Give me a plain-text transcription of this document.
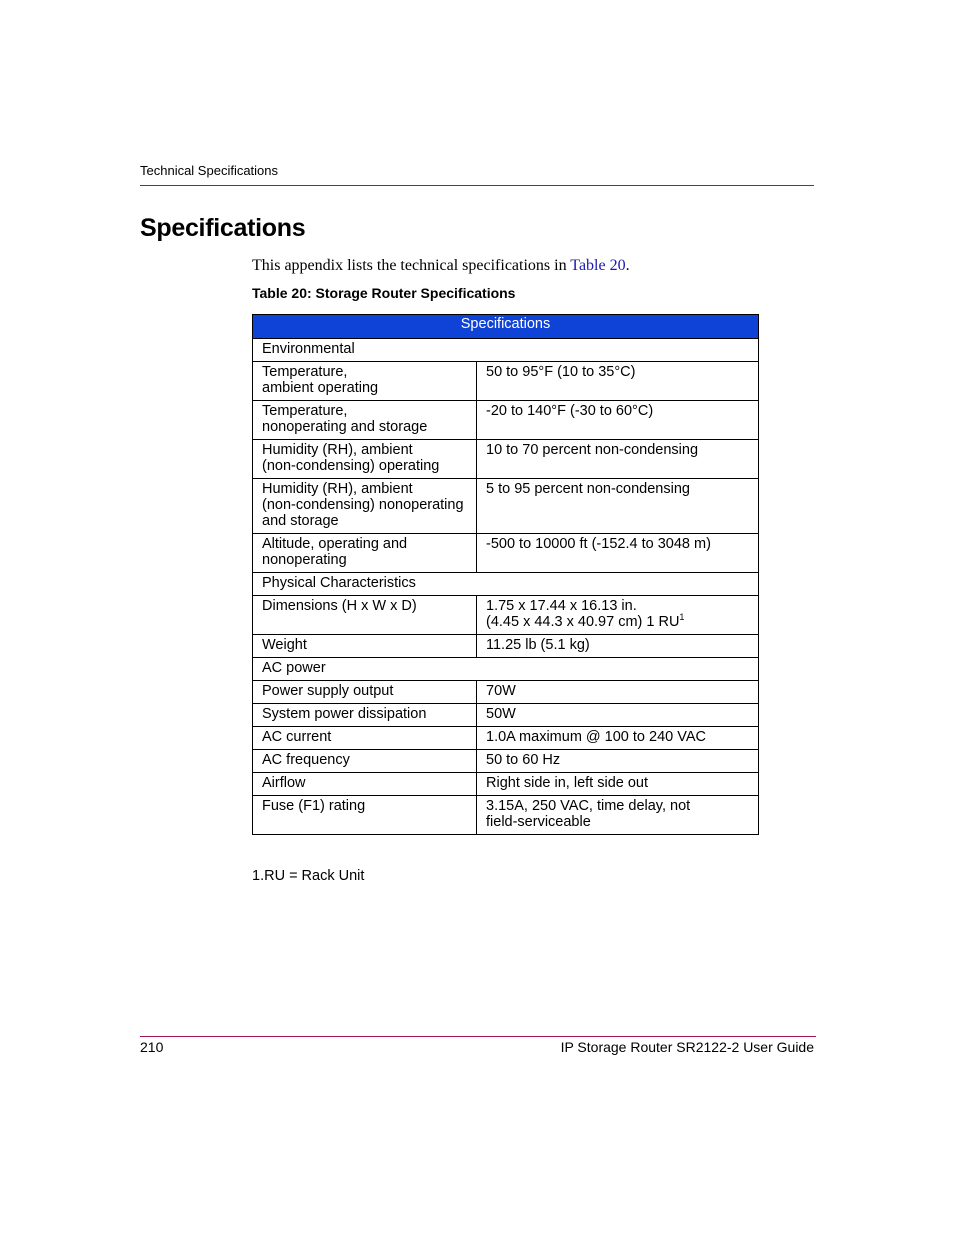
Technical Specifications
Specifications
This appendix lists the technical specifications in Table 20.
Table 20: Storage Router Specifications
Specifications	
Environmental	
Temperature,
ambient operating	50 to 95°F (10 to 35°C)
Temperature,
nonoperating and storage	-20 to 140°F (-30 to 60°C)
Humidity (RH), ambient
(non-condensing) operating	10 to 70 percent non-condensing
Humidity (RH), ambient
(non-condensing) nonoperating
and storage	5 to 95 percent non-condensing
Altitude, operating and
nonoperating	-500 to 10000 ft (-152.4 to 3048 m)
Physical Characteristics	
Dimensions (H x W x D)	1.75 x 17.44 x 16.13 in.
(4.45 x 44.3 x 40.97 cm) 1 $RU^1$
Weight	11.25 lb (5.1 kg)
AC power	
Power supply output	70W
System power dissipation	50W
AC current	1.0A maximum @ 100 to 240 VAC
AC frequency	50 to 60 Hz
Airflow	Right side in, left side out
Fuse (F1) rating	3.15A, 250 VAC, time delay, not
field-serviceable
1.RU = Rack Unit
210	IP Storage Router SR2122-2 User Guide
